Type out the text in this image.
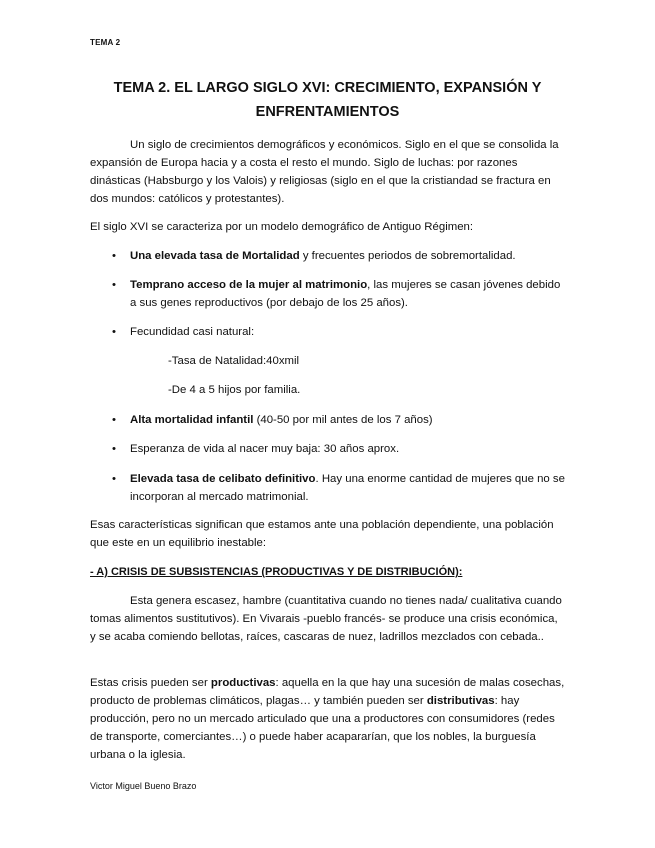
TEMA 2
TEMA 2. EL LARGO SIGLO XVI: CRECIMIENTO, EXPANSIÓN Y
ENFRENTAMIENTOS
Un siglo de crecimientos demográficos y económicos. Siglo en el que se consolida la expansión de Europa hacia y a costa el resto el mundo. Siglo de luchas: por razones dinásticas (Habsburgo y los Valois) y religiosas (siglo en el que la cristiandad se fractura en dos mundos: católicos y protestantes).
El siglo XVI se caracteriza por un modelo demográfico de Antiguo Régimen:
• Una elevada tasa de Mortalidad y frecuentes periodos de sobremortalidad.
• Temprano acceso de la mujer al matrimonio, las mujeres se casan jóvenes debido a sus genes reproductivos (por debajo de los 25 años).
• Fecundidad casi natural:
-Tasa de Natalidad:40xmil
-De 4 a 5 hijos por familia.
• Alta mortalidad infantil (40-50 por mil antes de los 7 años)
• Esperanza de vida al nacer muy baja: 30 años aprox.
• Elevada tasa de celibato definitivo. Hay una enorme cantidad de mujeres que no se incorporan al mercado matrimonial.
Esas características significan que estamos ante una población dependiente, una población que este en un equilibrio inestable:
- A) CRISIS DE SUBSISTENCIAS (PRODUCTIVAS Y DE DISTRIBUCIÓN):
Esta genera escasez, hambre (cuantitativa cuando no tienes nada/ cualitativa cuando tomas alimentos sustitutivos). En Vivarais -pueblo francés- se produce una crisis económica, y se acaba comiendo bellotas, raíces, cascaras de nuez, ladrillos mezclados con cebada..
Estas crisis pueden ser productivas: aquella en la que hay una sucesión de malas cosechas, producto de problemas climáticos, plagas… y también pueden ser distributivas: hay producción, pero no un mercado articulado que una a productores con consumidores (redes de transporte, comerciantes…) o puede haber acapararían, que los nobles, la burguesía urbana o la iglesia.
Victor Miguel Bueno Brazo
